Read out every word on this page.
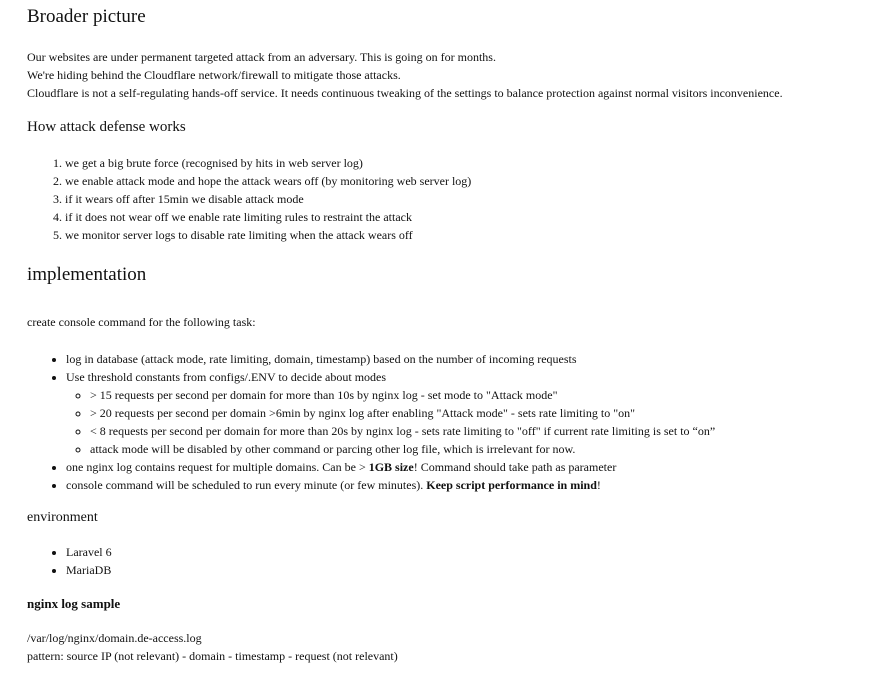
Broader picture

Our websites are under permanent targeted attack from an adversary. This is going on for months.

We're hiding behind the Cloudflare network/firewall to mitigate those attacks.

Cloudflare is not a self-regulating hands-off service. It needs continuous tweaking of the settings to balance protection against normal visitors inconvenience.

How attack defense works
1. we get a big brute force (recognised by hits in web server log)
2. we enable attack mode and hope the attack wears off (by monitoring web server log)
3. if it wears off after 15min we disable attack mode
4. if it does not wear off we enable rate limiting rules to restraint the attack
5. we monitor server logs to disable rate limiting when the attack wears off
implementation

create console command for the following task:

• log in database (attack mode, rate limiting, domain, timestamp) based on the number of incoming requests
• Use threshold constants from configs/.ENV to decide about modes
◦ > 15 requests per second per domain for more than 10s by nginx log - set mode to "Attack mode"
◦ > 20 requests per second per domain >6min by nginx log after enabling "Attack mode" - sets rate limiting to "on"
◦ < 8 requests per second per domain for more than 20s by nginx log - sets rate limiting to "off" if current rate limiting is set to “on”
◦ attack mode will be disabled by other command or parcing other log file, which is irrelevant for now.
• one nginx log contains request for multiple domains. Can be > 1GB size! Command should take path as parameter
• console command will be scheduled to run every minute (or few minutes). Keep script performance in mind!
environment
• Laravel 6
• MariaDB
nginx log sample

/var/log/nginx/domain.de-access.log

pattern: source IP (not relevant) - domain - timestamp - request (not relevant)
